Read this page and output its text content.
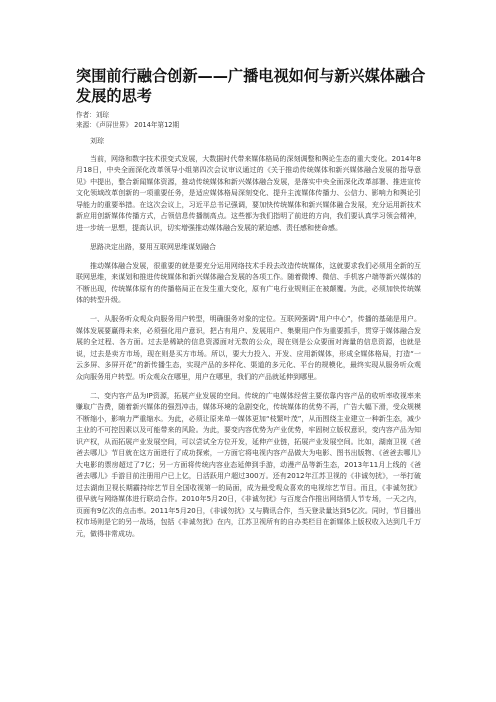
突围前行融合创新——广播电视如何与新兴媒体融合发展的思考
作者：刘琮
来源：《声屏世界》 2014年第12期

刘琮

当前，网络和数字技术很变式发展，大数据时代带来媒体格局的深刻调整和舆论生态的重大变化。2014年8月18日，中央全面深化改革领导小组第四次会议审议通过的《关于推动传统媒体和新兴媒体融合发展的指导意见》中提出，整合新闻媒体资源，推动传统媒体和新兴媒体融合发展，是落实中央全面深化改革部署、推进宣传文化领域改革创新的一项重要任务，是适应媒体格局深刻变化、提升主流媒体传播力、公信力、影响力和舆论引导能力的重要举措。在这次会议上，习近平总书记强调，要加快传统媒体和新兴媒体融合发展，充分运用新技术新应用创新媒体传播方式，占领信息传播制高点。这些都为我们指明了前进的方向，我们要认真学习领会精神，进一步统一思想，提高认识，切实增强推动媒体融合发展的紧迫感、责任感和使命感。

思路决定出路，要用互联网思维谋划融合

推动媒体融合发展，很重要的就是要充分运用网络技术手段去改造传统媒体，这就要求我们必须用全新的互联网思维，来谋划和推进传统媒体和新兴媒体融合发展的各项工作。随着微博、微信、手机客户端等新兴媒体的不断出现，传统媒体原有的传播格局正在发生重大变化，原有广电行业规则正在被颠覆。为此，必须加快传统媒体的转型升级。

一、从服务听众观众向服务用户转型，明确服务对象的定位。互联网强调“用户中心”，传播的基础是用户。媒体发展要赢得未来，必须强化用户意识，把占有用户、发展用户、集聚用户作为重要抓手，贯穿于媒体融合发展的全过程、各方面。过去是稀缺的信息资源面对无数的公众，现在则是公众要面对海量的信息资源，也就是说，过去是卖方市场，现在则是买方市场。所以，要大力投入、开发、应用新媒体，形成全媒体格局，打造“一云多屏、多屏开花”的新传播生态，实现产品的多样化、渠道的多元化、平台的规模化，最终实现从服务听众观众向服务用户转型。听众观众在哪里，用户在哪里，我们的产品就延伸到哪里。

二、变内容产品为IP资源，拓展产业发展的空间。传统的广电媒体经营主要依靠内容产品的收听率收视率来赚取广告费，随着新兴媒体的强烈冲击，媒体环境的急剧变化，传统媒体的优势不再，广告大幅下滑，受众规模不断缩小，影响力严重缩水。为此，必须让原来单一媒体更加“枝繁叶茂”，从而围绕主业建立一种新生态，减少主业的不可控因素以及可能带来的风险。为此，要变内容优势为产业优势，牢固树立版权意识，变内容产品为知识产权，从而拓展产业发展空间，可以尝试全方位开发，延伸产业链，拓展产业发展空间。比如，湖南卫视《爸爸去哪儿》节目就在这方面进行了成功探索，一方面它将电视内容产品做大为电影、图书出版物、《爸爸去哪儿》大电影的票房超过了7亿；另一方面将传统内容业态延伸到手游，动漫产品等新生态，2013年11月上线的《爸爸去哪儿》手游目前注册用户已上亿，日活跃用户超过300万。还有2012年江苏卫视的《非诚勿扰》，一举打破过去湖南卫视长期霸持综艺节目全国收视第一的局面，成为最受观众喜欢的电视综艺节目。而且，《非诚勿扰》很早就与网络媒体进行联动合作。2010年5月20日，《非诚勿扰》与百度合作推出网络情人节专场，一天之内，页面有9亿次的点击率。2011年5月20日，《非诚勿扰》又与腾讯合作，当天登录量达到5亿次。同时，节目播出权市场则是它的另一战场，包括《非诚勿扰》在内，江苏卫视所有的自办类栏目在新媒体上版权收入达到几千万元，做得非常成功。
